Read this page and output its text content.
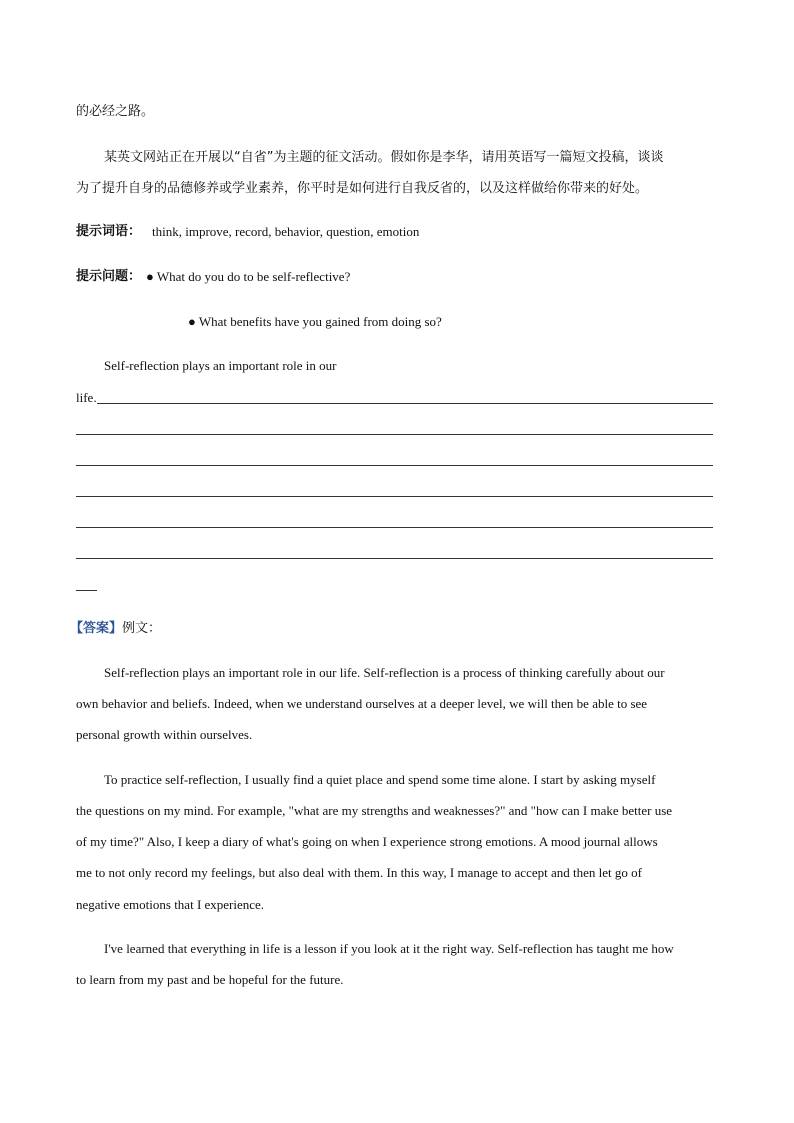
的必经之路。
某英文网站正在开展以“自省”为主题的征文活动。假如你是李华，请用英语写一篇短文投稿，谈谈
为了提升自身的品德修养或学业素养，你平时是如何进行自我反省的，以及这样做给你带来的好处。
提示词语： think, improve, record, behavior, question, emotion
提示问题： ● What do you do to be self-reflective?
● What benefits have you gained from doing so?
Self-reflection plays an important role in our
life.
【答案】例文：
Self-reflection plays an important role in our life. Self-reflection is a process of thinking carefully about our
own behavior and beliefs. Indeed, when we understand ourselves at a deeper level, we will then be able to see
personal growth within ourselves.
To practice self-reflection, I usually find a quiet place and spend some time alone. I start by asking myself
the questions on my mind. For example, "what are my strengths and weaknesses?" and "how can I make better use
of my time?" Also, I keep a diary of what's going on when I experience strong emotions. A mood journal allows
me to not only record my feelings, but also deal with them. In this way, I manage to accept and then let go of
negative emotions that I experience.
I've learned that everything in life is a lesson if you look at it the right way. Self-reflection has taught me how
to learn from my past and be hopeful for the future.
